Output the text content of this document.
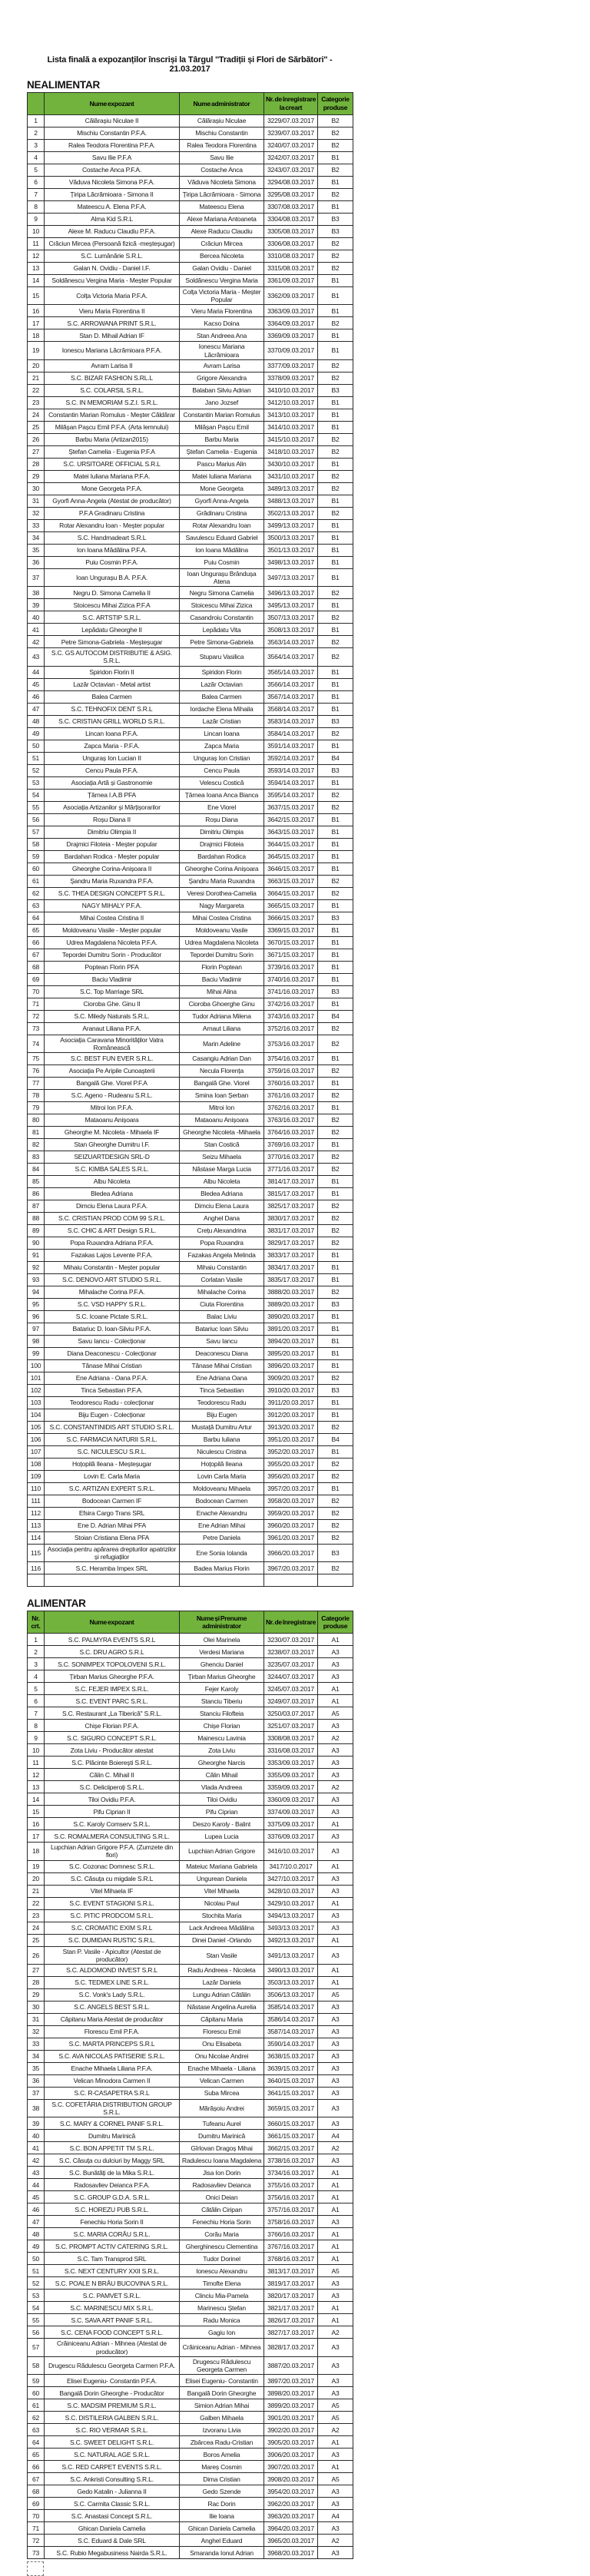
Lista finală a expozanților înscriși la Târgul ''Tradiții și Flori de Sărbători'' - 21.03.2017
NEALIMENTAR
	Nume expozant	Nume administrator	Nr. de înregistrare la creart	Categorie produse
1	Călărașiu Niculae II	Călărașiu Niculae	3229/07.03.2017	B2
2	Mischiu Constantin P.F.A.	Mischiu Constantin	3239/07.03.2017	B2
3	Ralea Teodora Florentina P.F.A.	Ralea Teodora Florentina	3240/07.03.2017	B2
4	Savu Ilie P.F.A	Savu Ilie	3242/07.03.2017	B1
5	Costache Anca P.F.A.	Costache Anca	3243/07.03.2017	B2
6	Văduva Nicoleta Simona P.F.A.	Văduva Nicoleta Simona	3294/08.03.2017	B1
7	Țiripa Lăcrămioara - Simona II	Țiripa Lăcrămioara - Simona	3295/08.03.2017	B2
8	Mateescu A. Elena P.F.A.	Mateescu Elena	3307/08.03.2017	B1
9	Alma Kid S.R.L	Alexe Mariana Antoaneta	3304/08.03.2017	B3
10	Alexe M. Raducu Claudiu P.F.A.	Alexe Raducu Claudiu	3305/08.03.2017	B3
11	Crăciun Mircea (Persoană fizică -meșteșugar)	Crăciun Mircea	3306/08.03.2017	B2
12	S.C. Lumânărie S.R.L.	Bercea Nicoleta	3310/08.03.2017	B2
13	Galan N. Ovidiu - Daniel I.F.	Galan Ovidiu - Daniel	3315/08.03.2017	B2
14	Soldănescu Vergina Maria - Meșter Popular	Soldănescu Vergina Maria	3361/09.03.2017	B1
15	Colța Victoria Maria P.F.A.	Colța Victoria Maria - Meșter Popular	3362/09.03.2017	B1
16	Vieru Maria Florentina II	Vieru Maria Florentina	3363/09.03.2017	B1
17	S.C. ARROWANA PRINT S.R.L.	Kacso Doina	3364/09.03.2017	B2
18	Stan D. Mihail Adrian IF	Stan Andreea Ana	3369/09.03.2017	B1
19	Ionescu Mariana Lăcrămioara P.F.A.	Ionescu Mariana Lăcrămioara	3370/09.03.2017	B1
20	Avram Larisa II	Avram Larisa	3377/09.03.2017	B2
21	S.C. BIZAR FASHION S.RL.L	Grigore Alexandra	3378/09.03.2017	B2
22	S.C. COLARSIL S.R.L.	Balaban Silviu Adrian	3410/10.03.2017	B3
23	S.C. IN MEMORIAM S.Z.I. S.R.L.	Jano Jozsef	3412/10.03.2017	B1
24	Constantin Marian Romulus - Meșter Căldărar	Constantin Marian Romulus	3413/10.03.2017	B1
25	Milășan Pașcu Emil P.F.A. (Arta lemnului)	Milășan Pașcu Emil	3414/10.03.2017	B1
26	Barbu Maria (Artizan2015)	Barbu Maria	3415/10.03.2017	B2
27	Ștefan Camelia - Eugenia P.F.A	Ștefan Camelia - Eugenia	3418/10.03.2017	B2
28	S.C. URSITOARE OFFICIAL S.R.L	Pascu Marius Alin	3430/10.03.2017	B1
29	Matei Iuliana Mariana P.F.A.	Matei Iuliana Mariana	3431/10.03.2017	B2
30	Mone Georgeta P.F.A.	Mone Georgeta	3489/13.03.2017	B2
31	Gyorfi Anna-Angela (Atestat de producător)	Gyorfi Anna-Angela	3488/13.03.2017	B1
32	P.F.A Gradinaru Cristina	Grădinaru Cristina	3502/13.03.2017	B2
33	Rotar Alexandru Ioan - Meșter popular	Rotar Alexandru Ioan	3499/13.03.2017	B1
34	S.C. Handmadeart S.R.L	Savulescu Eduard Gabriel	3500/13.03.2017	B1
35	Ion Ioana Mădălina P.F.A.	Ion Ioana Mădălina	3501/13.03.2017	B1
36	Puiu Cosmin P.F.A.	Puiu Cosmin	3498/13.03.2017	B1
37	Ioan Ungurașu B.A. P.F.A.	Ioan Ungurașu Brândușa Atena	3497/13.03.2017	B1
38	Negru D. Simona Camelia II	Negru Simona Camelia	3496/13.03.2017	B2
39	Stoicescu Mihai Zizica P.F.A	Stoicescu Mihai Zizica	3495/13.03.2017	B1
40	S.C. ARTSTIP S.R.L.	Casandroiu Constantin	3507/13.03.2017	B2
41	Lepădatu Gheorghe II	Lepădatu Vita	3508/13.03.2017	B1
42	Petre Simona-Gabriela - Meșteșugar	Petre Simona-Gabriela	3563/14.03.2017	B2
43	S.C. GS AUTOCOM DISTRIBUTIE & ASIG. S.R.L.	Stuparu Vasilica	3564/14.03.2017	B2
44	Spiridon Florin II	Spiridon Florin	3565/14.03.2017	B1
45	Lazăr Octavian - Metal artist	Lazăr Octavian	3566/14.03.2017	B1
46	Balea Carmen	Balea Carmen	3567/14.03.2017	B1
47	S.C. TEHNOFIX DENT S.R.L	Iordache Elena Mihaila	3568/14.03.2017	B1
48	S.C. CRISTIAN GRILL WORLD S.R.L.	Lazăr Cristian	3583/14.03.2017	B3
49	Lincan Ioana P.F.A.	Lincan Ioana	3584/14.03.2017	B2
50	Zapca Maria - P.F.A.	Zapca Maria	3591/14.03.2017	B1
51	Unguraș Ion Lucian II	Unguraș Ion Cristian	3592/14.03.2017	B4
52	Cencu Paula P.F.A.	Cencu Paula	3593/14.03.2017	B3
53	Asociația Artă și Gastronomie	Velescu Costică	3594/14.03.2017	B1
54	Țârnea I.A.B PFA	Țârnea Ioana Anca Bianca	3595/14.03.2017	B2
55	Asociația Artizanilor și Mărțișorarilor	Ene Viorel	3637/15.03.2017	B2
56	Roșu Diana II	Roșu Diana	3642/15.03.2017	B1
57	Dimitriu Olimpia II	Dimitriu Olimpia	3643/15.03.2017	B1
58	Drajmici Filoteia - Meșter popular	Drajmici Filoteia	3644/15.03.2017	B1
59	Bardahan Rodica - Meșter popular	Bardahan Rodica	3645/15.03.2017	B1
60	Gheorghe Corina-Anișoara II	Gheorghe Corina Anișoara	3646/15.03.2017	B1
61	Șandru Maria Ruxandra P.F.A.	Șandru Maria Ruxandra	3663/15.03.2017	B2
62	S.C. THEA DESIGN CONCEPT S.R.L.	Veresi Dorothea-Camelia	3664/15.03.2017	B2
63	NAGY MIHALY P.F.A.	Nagy Margareta	3665/15.03.2017	B1
64	Mihai Costea Cristina II	Mihai Costea Cristina	3666/15.03.2017	B3
65	Moldoveanu Vasile - Meșter popular	Moldoveanu Vasile	3369/15.03.2017	B1
66	Udrea Magdalena Nicoleta P.F.A.	Udrea Magdalena Nicoleta	3670/15.03.2017	B1
67	Tepordei Dumitru Sorin - Producător	Tepordei Dumitru Sorin	3671/15.03.2017	B1
68	Poptean Florin PFA	Florin Poptean	3739/16.03.2017	B1
69	Baciu Vladimir	Baciu Vladimir	3740/16.03.2017	B1
70	S.C. Top Marriage SRL	Mihai Alina	3741/16.03.2017	B3
71	Cioroba Ghe. Ginu II	Cioroba Ghoerghe Ginu	3742/16.03.2017	B1
72	S.C. Miledy Naturals S.R.L.	Tudor Adriana Milena	3743/16.03.2017	B4
73	Aranaut Liliana P.F.A.	Arnaut Liliana	3752/16.03.2017	B2
74	Asociația Caravana Minorităților Vatra Românească	Marin Adeline	3753/16.03.2017	B2
75	S.C. BEST FUN EVER S.R.L.	Casangiu Adrian Dan	3754/16.03.2017	B1
76	Asociația Pe Aripile Cunoașterii	Necula Florența	3759/16.03.2017	B2
77	Bangală Ghe. Viorel P.F.A	Bangală Ghe. Viorel	3760/16.03.2017	B1
78	S.C. Ageno - Rudeanu S.R.L.	Smina Ioan Șerban	3761/16.03.2017	B2
79	Mitroi Ion P.F.A.	Mitroi Ion	3762/16.03.2017	B1
80	Mataoanu Anișoara	Mataoanu Anișoara	3763/16.03.2017	B2
81	Gheorghe M. Nicoleta - Mihaela IF	Gheorghe Nicoleta -Mihaela	3764/16.03.2017	B2
82	Stan Gheorghe Dumitru I.F.	Stan Costică	3769/16.03.2017	B1
83	SEIZUARTDESIGN SRL-D	Seizu Mihaela	3770/16.03.2017	B2
84	S.C. KIMBA SALES S.R.L.	Năstase Marga Lucia	3771/16.03.2017	B2
85	Albu Nicoleta	Albu Nicoleta	3814/17.03.2017	B1
86	Bledea Adriana	Bledea Adriana	3815/17.03.2017	B1
87	Dimciu Elena Laura P.F.A.	Dimciu Elena Laura	3825/17.03.2017	B2
88	S.C. CRISTIAN PROD COM 99 S.R.L.	Anghel Dana	3830/17.03.2017	B2
89	S.C. CHIC & ART Design S.R.L.	Crețu Alexandrina	3831/17.03.2017	B2
90	Popa Ruxandra Adriana P.F.A.	Popa Ruxandra	3829/17.03.2017	B2
91	Fazakas Lajos Levente P.F.A.	Fazakas Angela Melinda	3833/17.03.2017	B1
92	Mihaiu Constantin - Meșter popular	Mihaiu Constantin	3834/17.03.2017	B1
93	S.C. DENOVO ART STUDIO S.R.L.	Corlatan Vasile	3835/17.03.2017	B1
94	Mihalache Corina P.F.A.	Mihalache Corina	3888/20.03.2017	B2
95	S.C. VSD HAPPY S.R.L.	Ciuta Florentina	3889/20.03.2017	B3
96	S.C. Icoane Pictate S.R.L.	Balac Liviu	3890/20.03.2017	B1
97	Batariuc D. Ioan-Silviu P.F.A.	Batariuc Ioan Silviu	3891/20.03.2017	B1
98	Savu Iancu - Colecționar	Savu Iancu	3894/20.03.2017	B1
99	Diana Deaconescu - Colecționar	Deaconescu Diana	3895/20.03.2017	B1
100	Tănase Mihai Cristian	Tănase Mihai Cristian	3896/20.03.2017	B1
101	Ene Adriana - Oana P.F.A.	Ene Adriana Oana	3909/20.03.2017	B2
102	Tinca Sebastian P.F.A.	Tinca Sebastian	3910/20.03.2017	B3
103	Teodorescu Radu - colecționar	Teodorescu Radu	3911/20.03.2017	B1
104	Biju Eugen - Colecționar	Biju Eugen	3912/20.03.2017	B1
105	S.C. CONSTANTINIDIS ART STUDIO S.R.L.	Mustață Dumitru Artur	3913/20.03.2017	B2
106	S.C. FARMACIA NATURII S.R.L.	Barbu Iuliana	3951/20.03.2017	B4
107	S.C. NICULESCU S.R.L.	Niculescu Cristina	3952/20.03.2017	B1
108	Hoțopilă Ileana - Meșteșugar	Hoțopilă Ileana	3955/20.03.2017	B2
109	Lovin E. Carla Maria	Lovin Carla Maria	3956/20.03.2017	B2
110	S.C. ARTIZAN EXPERT S.R.L.	Moldoveanu Mihaela	3957/20.03.2017	B1
111	Bodocean Carmen IF	Bodocean Carmen	3958/20.03.2017	B2
112	Efsira Cargo Trans SRL	Enache Alexandru	3959/20.03.2017	B2
113	Ene D. Adrian Mihai PFA	Ene Adrian Mihai	3960/20.03.2017	B2
114	Stoian Cristiana Elena PFA	Petre Daniela	3961/20.03.2017	B2
115	Asociația pentru apărarea drepturilor apatrizilor și refugiaților	Ene Sonia Iolanda	3966/20.03.2017	B3
116	S.C. Heramba Impex SRL	Badea Marius Florin	3967/20.03.2017	B2

ALIMENTAR
Nr. crt.	Nume expozant	Nume și Prenume administrator	Nr. de înregistrare	Categorie produse
1	S.C. PALMYRA EVENTS S.R.L	Olei Marinela	3230/07.03.2017	A1
2	S.C. DRU AGRO S.R.L	Verdesi Mariana	3238/07.03.2017	A3
3	S.C. SONIMPEX TOPOLOVENI S.R.L.	Ghenciu Daniel	3235/07.03.2017	A3
4	Țirban Marius Gheorghe P.F.A.	Țirban Marius Gheorghe	3244/07.03.2017	A3
5	S.C. FEJER IMPEX S.R.L.	Fejer Karoly	3245/07.03.2017	A1
6	S.C. EVENT PARC S.R.L.	Stanciu Tiberiu	3249/07.03.2017	A1
7	S.C. Restaurant „La Tiberică" S.R.L.	Stanciu Filofteia	3250/03.07.2017	A5
8	Chișe Florian P.F.A.	Chișe Florian	3251/07.03.2017	A3
9	S.C. SIGURO CONCEPT S.R.L.	Mainescu Lavinia	3308/08.03.2017	A2
10	Zota Liviu - Producător atestat	Zota Liviu	3316/08.03.2017	A3
11	S.C. Plăcinte Boierești S.R.L.	Gheorghe Narcis	3353/09.03.2017	A3
12	Călin C. Mihail II	Călin Mihail	3355/09.03.2017	A3
13	S.C. Deliciiperoți S.R.L.	Vlada Andreea	3359/09.03.2017	A2
14	Tiloi Ovidiu P.F.A.	Tiloi Ovidiu	3360/09.03.2017	A3
15	Pifu Ciprian II	Pifu Ciprian	3374/09.03.2017	A3
16	S.C. Karoly Comserv S.R.L.	Deszo Karoly - Balint	3375/09.03.2017	A1
17	S.C. ROMALMERA CONSULTING S.R.L.	Lupea Lucia	3376/09.03.2017	A3
18	Lupchian Adrian Grigore P.F.A. (Zumzete din flori)	Lupchian Adrian Grigore	3416/10.03.2017	A3
19	S.C. Cozonac Domnesc S.R.L.	Mateiuc Mariana Gabriela	3417/10.0.2017	A1
20	S.C. Căsuța cu migdale S.R.L	Ungurean Daniela	3427/10.03.2017	A3
21	Vitel Mihaela IF	Vitel Mihaela	3428/10.03.2017	A3
22	S.C. EVENT STAGIONI S.R.L.	Nicolau Paul	3429/10.03.2017	A1
23	S.C. PITIC PRODCOM S.R.L.	Stochita Maria	3494/13.03.2017	A3
24	S.C. CROMATIC EXIM S.R.L	Lack Andreea Mădălina	3493/13.03.2017	A3
25	S.C. DUMIDAN RUSTIC S.R.L.	Dinei Daniel -Orlando	3492/13.03.2017	A1
26	Stan P. Vasile - Apicultor (Atestat de producător)	Stan Vasile	3491/13.03.2017	A3
27	S.C. ALDOMOND INVEST S.R.L	Radu Andreea - Nicoleta	3490/13.03.2017	A1
28	S.C. TEDMEX LINE S.R.L.	Lazăr Daniela	3503/13.03.2017	A1
29	S.C. Vonk's Lady S.R.L.	Lungu Adrian Cătălin	3506/13.03.2017	A5
30	S.C. ANGELS BEST S.R.L.	Năstase Angelina Aurelia	3585/14.03.2017	A3
31	Căpitanu Maria Atestat de producător	Căpitanu Maria	3586/14.03.2017	A3
32	Florescu Emil P.F.A.	Florescu Emil	3587/14.03.2017	A3
33	S.C. MARTA PRINCEPS S.R.L	Onu Elisabeta	3590/14.03.2017	A3
34	S.C. AVA NICOLAS PATISERIE S.R.L.	Onu Nicolae Andrei	3638/15.03.2017	A3
35	Enache Mihaela Liliana P.F.A.	Enache Mihaela - Liliana	3639/15.03.2017	A3
36	Velican Minodora Carmen II	Velican Carmen	3640/15.03.2017	A3
37	S.C. R-CASAPETRA S.R.L	Suba Mircea	3641/15.03.2017	A3
38	S.C. COFETĂRIA DISTRIBUTION GROUP S.R.L.	Mărășoiu Andrei	3659/15.03.2017	A3
39	S.C. MARY & CORNEL PANIF S.R.L.	Tufeanu Aurel	3660/15.03.2017	A3
40	Dumitru Marinică	Dumitru Marinică	3661/15.03.2017	A4
41	S.C. BON APPETIT TM S.R.L.	Gîrlovan Dragoș Mihai	3662/15.03.2017	A2
42	S.C. Căsuța cu dulciuri by Maggy SRL	Radulescu Ioana Magdalena	3738/16.03.2017	A3
43	S.C. Bunătăți de la Mika S.R.L.	Jisa Ion Dorin	3734/16.03.2017	A1
44	Radosavliev Deianca P.F.A.	Radosavliev Deianca	3755/16.03.2017	A1
45	S.C. GROUP G.D.A. S.R.L.	Onici Deian	3756/16.03.2017	A1
46	S.C. HOREZU PUB S.R.L.	Cătălin Ciripan	3757/16.03.2017	A1
47	Fenechiu Horia Sorin II	Fenechiu Horia Sorin	3758/16.03.2017	A3
48	S.C. MARIA CORĂU S.R.L.	Corău Maria	3766/16.03.2017	A1
49	S.C. PROMPT ACTIV CATERING S.R.L.	Gherghinescu Clementina	3767/16.03.2017	A1
50	S.C. Tam Transprod SRL	Tudor Dorinel	3768/16.03.2017	A1
51	S.C. NEXT CENTURY XXII S.R.L.	Ionescu Alexandru	3813/17.03.2017	A5
52	S.C. POALE N BRÂU BUCOVINA S.R.L.	Timofte Elena	3819/17.03.2017	A3
53	S.C. PAMVET S.R.L.	Clinciu Mia-Pamela	3820/17.03.2017	A3
54	S.C. MARINESCU MIX S.R.L.	Marinescu Ștefan	3821/17.03.2017	A1
55	S.C. SAVA ART PANIF S.R.L.	Radu Monica	3826/17.03.2017	A1
56	S.C. CENA FOOD CONCEPT S.R.L.	Gagiu Ion	3827/17.03.2017	A2
57	Crăiniceanu Adrian - Mihnea (Atestat de producător)	Crăiniceanu Adrian - Mihnea	3828/17.03.2017	A3
58	Drugescu Rădulescu Georgeta Carmen P.F.A.	Drugescu Rădulescu Georgeta Carmen	3887/20.03.2017	A3
59	Elisei Eugeniu- Constantin P.F.A.	Elisei Eugeniu- Constantin	3897/20.03.2017	A3
60	Bangală Dorin Gheorghe - Producător	Bangală Dorin Gheorghe	3898/20.03.2017	A3
61	S.C. MADSIM PREMIUM S.R.L.	Simion Adrian Mihai	3899/20.03.2017	A5
62	S.C. DISTILERIA GALBEN S.R.L.	Galben Mihaela	3901/20.03.2017	A5
63	S.C. RIO VERMAR S.R.L.	Izvoranu Livia	3902/20.03.2017	A2
64	S.C. SWEET DELIGHT S.R.L.	Zbârcea Radu-Cristian	3905/20.03.2017	A1
65	S.C. NATURAL AGE S.R.L.	Boros Amelia	3906/20.03.2017	A3
66	S.C. RED CARPET EVENTS S.R.L.	Mareș Cosmin	3907/20.03.2017	A1
67	S.C. Ankristi Consulting S.R.L.	Dima Cristian	3908/20.03.2017	A5
68	Gedo Katalin - Julianna II	Gedo Szende	3954/20.03.2017	A3
69	S.C. Carmita Classic S.R.L.	Rac Dorin	3962/20.03.2017	A3
70	S.C. Anastasi Concept S.R.L.	Ilie Ioana	3963/20.03.2017	A4
71	Ghican Daniela Camelia	Ghican Daniela Camelia	3964/20.03.2017	A3
72	S.C. Eduard & Dale SRL	Anghel Eduard	3965/20.03.2017	A2
73	S.C. Rubio Megabusiness Nairda S.R.L.	Smaranda Ionut Adrian	3968/20.03.2017	A3
